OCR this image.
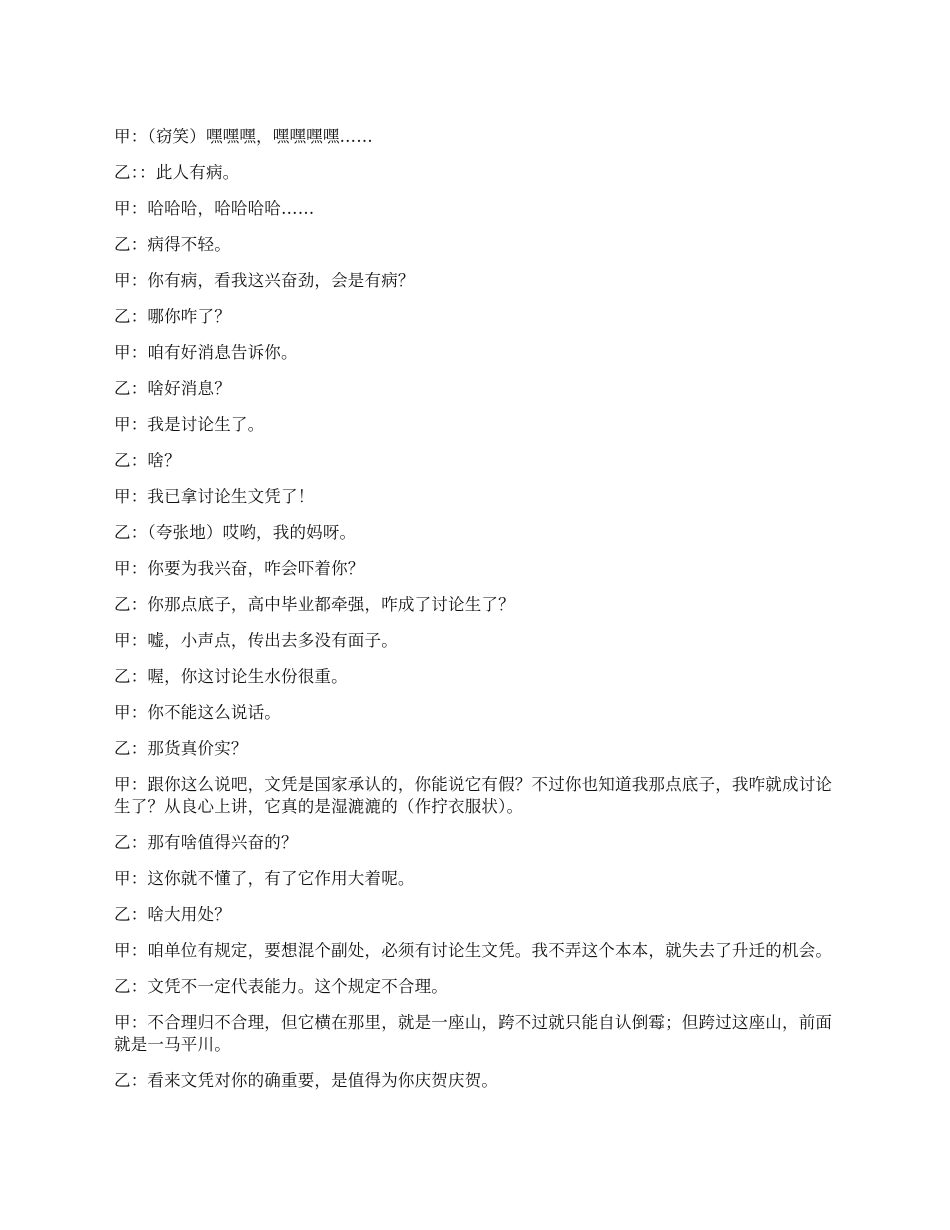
甲：（窃笑）嘿嘿嘿，嘿嘿嘿嘿……

乙：：此人有病。

甲：哈哈哈，哈哈哈哈……

乙：病得不轻。

甲：你有病，看我这兴奋劲，会是有病？

乙：哪你咋了？

甲：咱有好消息告诉你。

乙：啥好消息？

甲：我是讨论生了。

乙：啥？

甲：我已拿讨论生文凭了！

乙：（夸张地）哎哟，我的妈呀。

甲：你要为我兴奋，咋会吓着你？

乙：你那点底子，高中毕业都牵强，咋成了讨论生了？

甲：嘘，小声点，传出去多没有面子。

乙：喔，你这讨论生水份很重。

甲：你不能这么说话。

乙：那货真价实？

甲：跟你这么说吧，文凭是国家承认的，你能说它有假？不过你也知道我那点底子，我咋就成讨论生了？从良心上讲，它真的是湿漉漉的（作拧衣服状）。

乙：那有啥值得兴奋的？

甲：这你就不懂了，有了它作用大着呢。

乙：啥大用处？

甲：咱单位有规定，要想混个副处，必须有讨论生文凭。我不弄这个本本，就失去了升迁的机会。

乙：文凭不一定代表能力。这个规定不合理。

甲：不合理归不合理，但它横在那里，就是一座山，跨不过就只能自认倒霉；但跨过这座山，前面就是一马平川。

乙：看来文凭对你的确重要，是值得为你庆贺庆贺。
